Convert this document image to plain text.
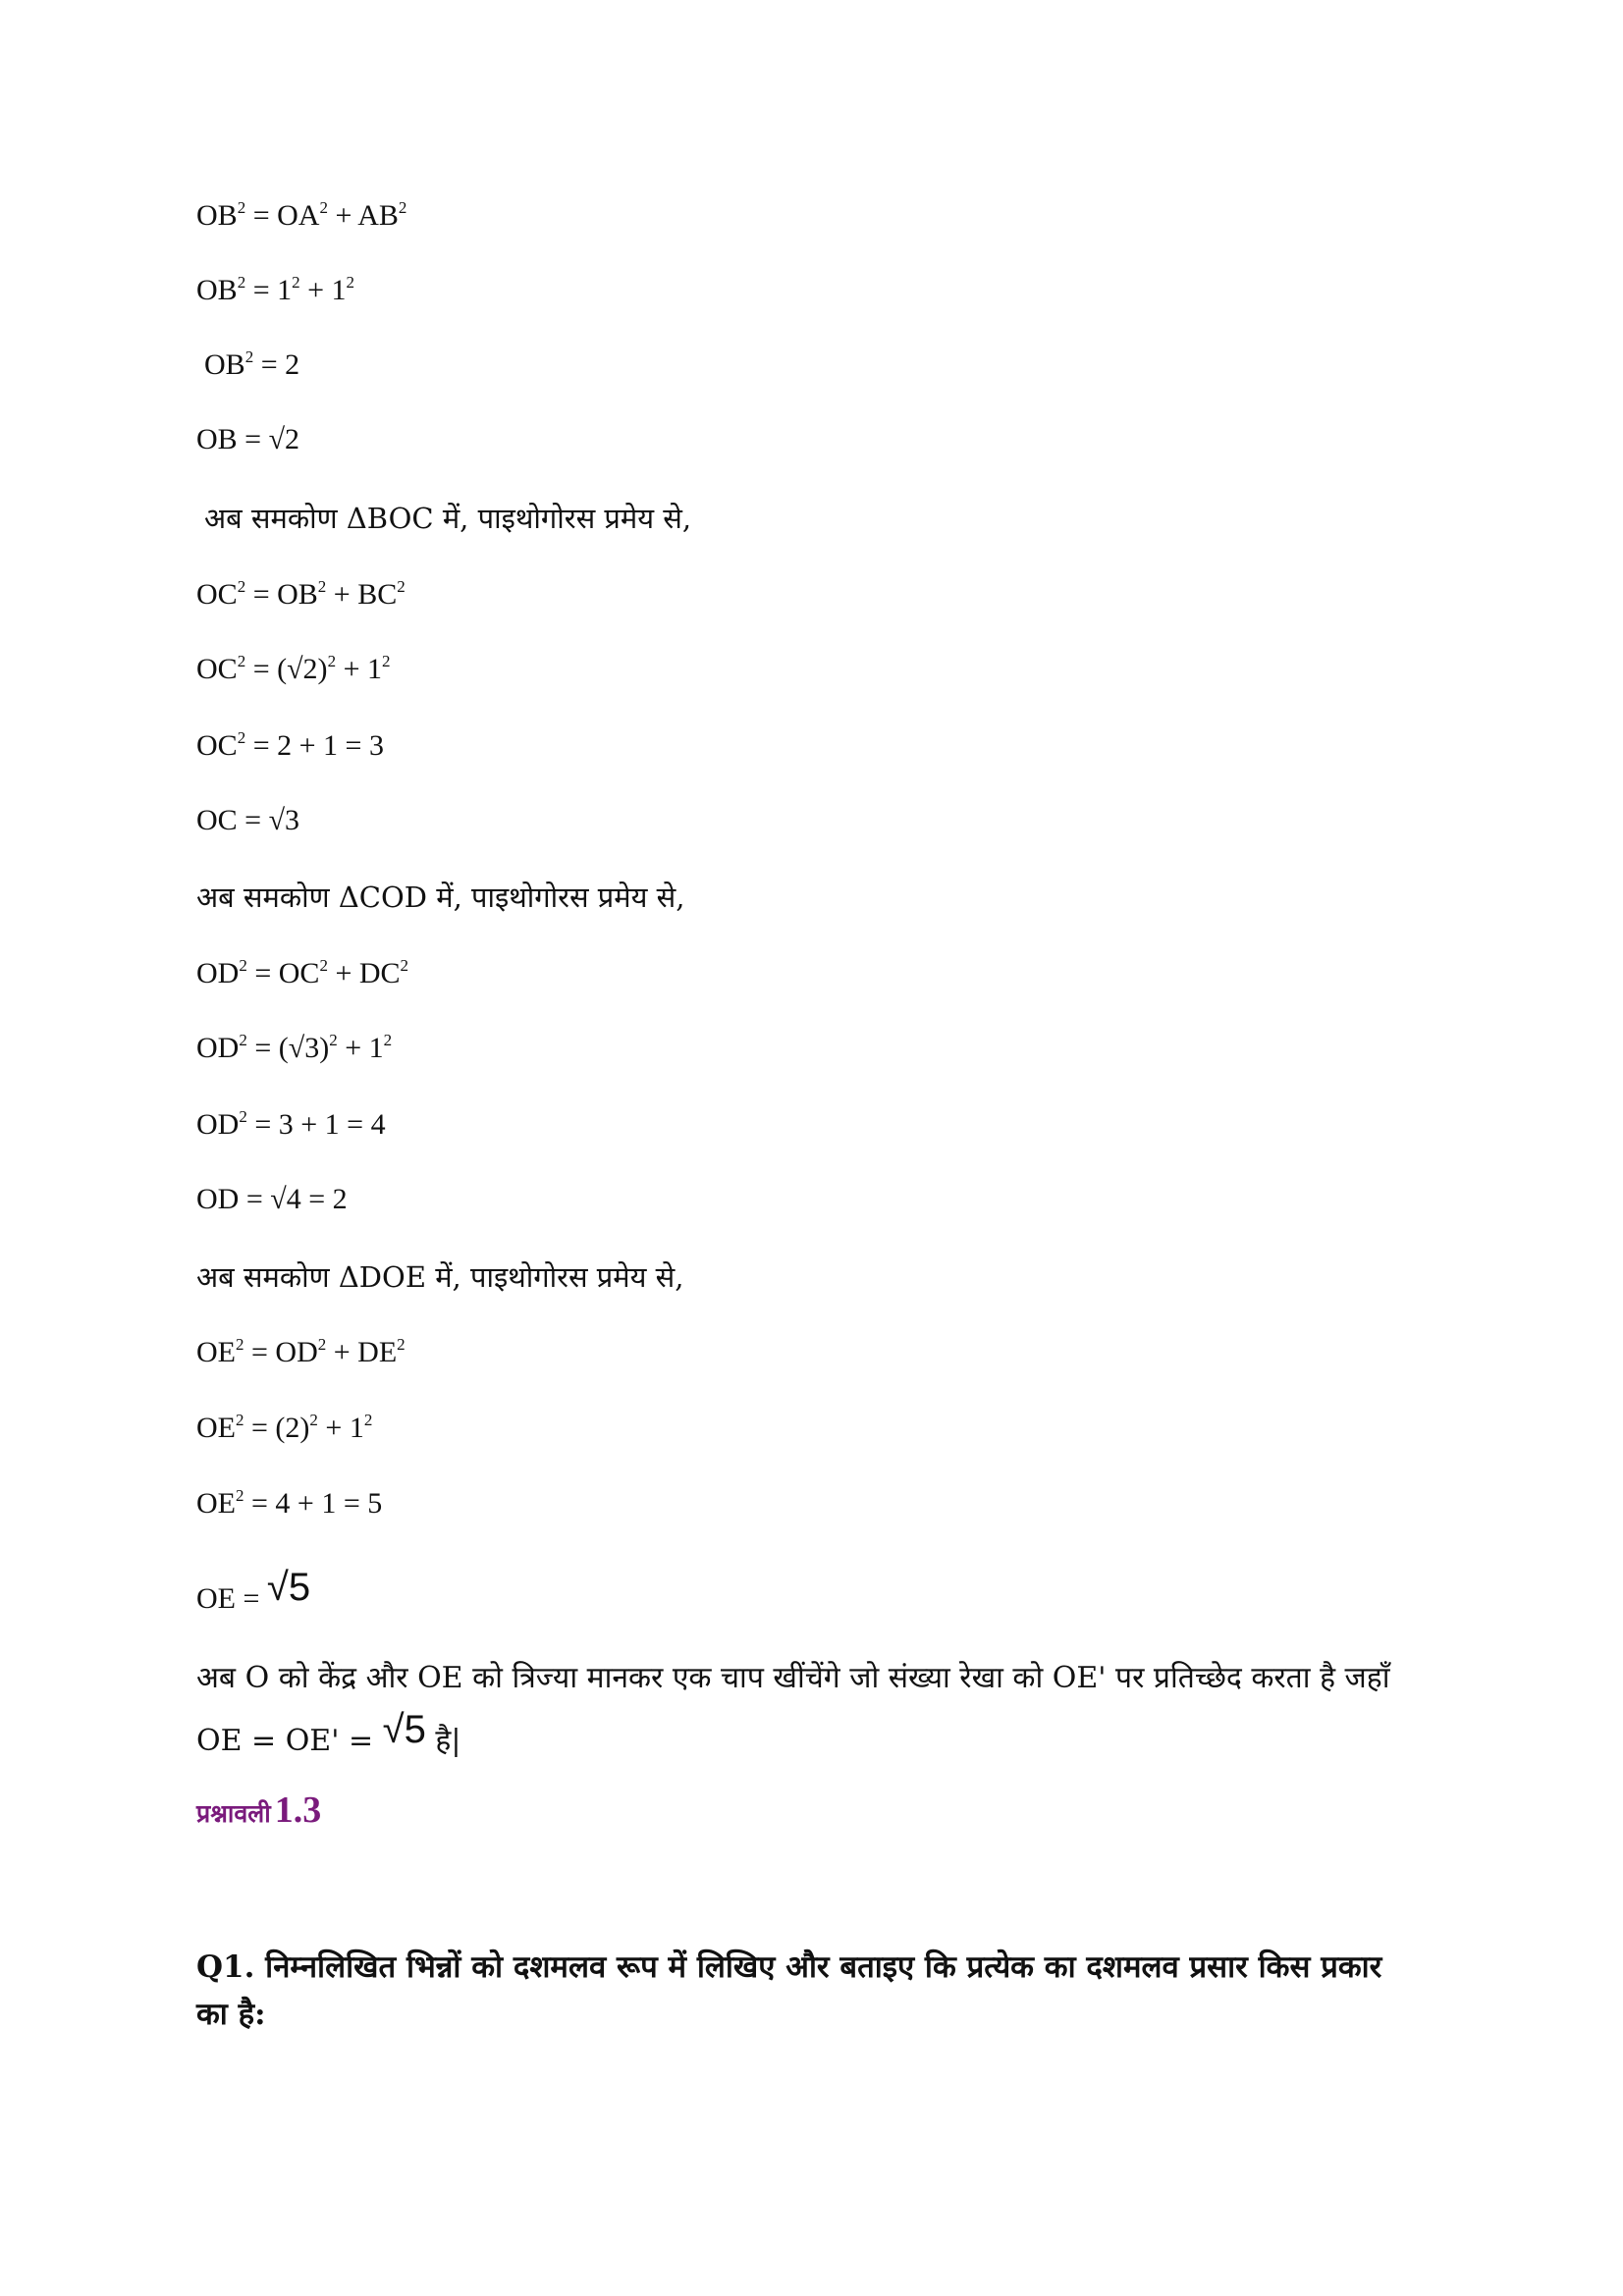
$OB^2 = OA^2 + AB^2$
$OB^2 = 1^2 + 1^2$
$OB^2 = 2$
OB = √2
अब समकोण ΔBOC में, पाइथोगोरस प्रमेय से,
$OC^2 = OB^2 + BC^2$
$OC^2 = (√2)^2 + 1^2$
$OC^2 = 2 + 1 = 3$
OC = √3
अब समकोण ΔCOD में, पाइथोगोरस प्रमेय से,
$OD^2 = OC^2 + DC^2$
$OD^2 = (√3)^2 + 1^2$
$OD^2 = 3 + 1 = 4$
OD = √4 = 2
अब समकोण ΔDOE में, पाइथोगोरस प्रमेय से,
$OE^2 = OD^2 + DE^2$
$OE^2 = (2)^2 + 1^2$
$OE^2 = 4 + 1 = 5$
OE = √5
अब O को केंद्र और OE को त्रिज्या मानकर एक चाप खींचेंगे जो संख्या रेखा को OE' पर प्रतिच्छेद करता है जहाँ OE = OE' = √5 है|
प्रश्नावली 1.3
Q1. निम्नलिखित भिन्नों को दशमलव रूप में लिखिए और बताइए कि प्रत्येक का दशमलव प्रसार किस प्रकार का है:
